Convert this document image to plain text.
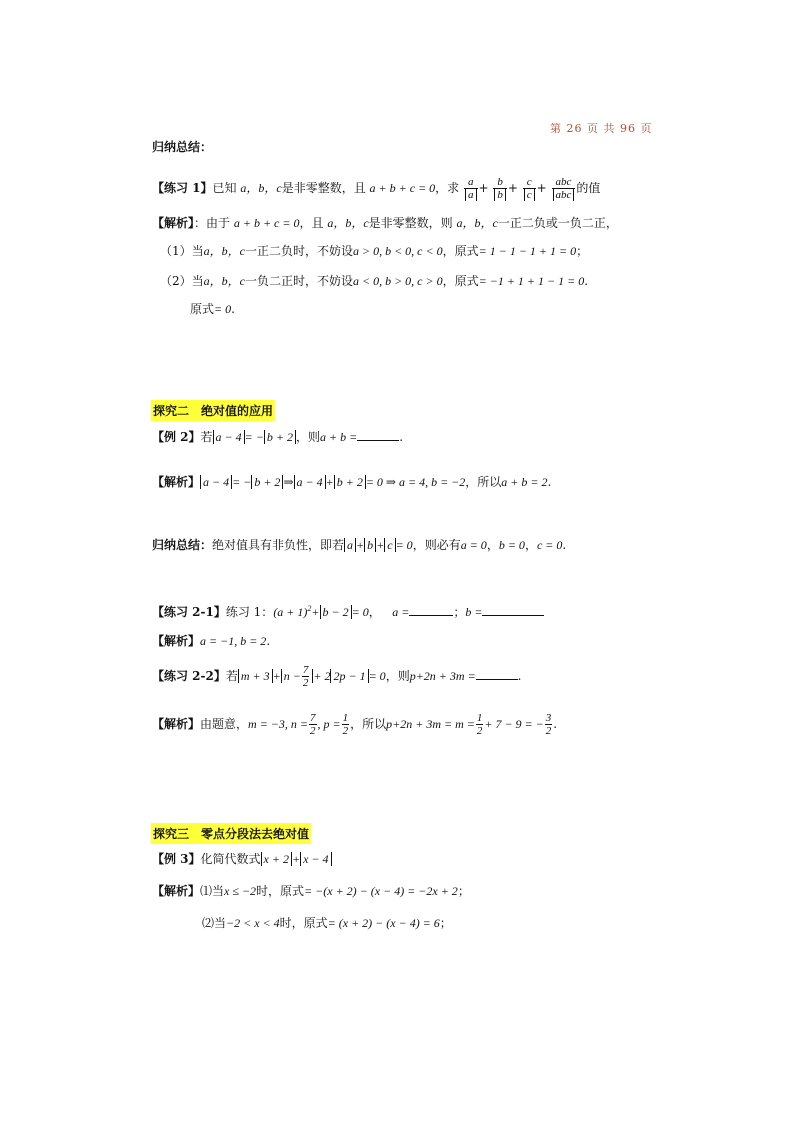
第 26 页 共 96 页
归纳总结：
【练习 1】已知 a，b，c是非零整数，且 a + b + c = 0，求 $\frac{a}{a} + \frac{b}{b} + \frac{c}{c} + \frac{\text{abc}}{\text{abc}}$ 的值
【解析】：由于 a + b + c = 0，且 a，b，c是非零整数，则 a，b，c一正二负或一负二正，
（1）当a，b，c一正二负时，不妨设a > 0, b < 0, c < 0，原式= 1 − 1 − 1 + 1 = 0；
（2）当a，b，c一负二正时，不妨设a < 0, b > 0, c > 0，原式= −1 + 1 + 1 − 1 = 0.
原式= 0.
探究二　绝对值的应用
【例 2】若 a − 4 = − b + 2 ，则a + b =	.
【解析】 a − 4 = − b + 2 ⇒ a − 4 + b + 2 = 0 ⇒ a = 4, b = −2，所以a + b = 2.
归纳总结：绝对值具有非负性，即若 a + b + c = 0，则必有a = 0，b = 0，c = 0.
【练习 2-1】练习 1：$(a + 1)^2+ b - 2 = 0$， a =	；b =
【解析】a = −1, b = 2.
【练习 2-2】若 $m + 3 + n - \frac{7}{2} + 2$ 2p − 1 = 0，则p+2n + 3m =	.
【解析】由题意，m = −3, $n = \frac{7}{2}$ , $p = \frac{1}{2}$ ，所以$p+2n + 3m = m = \frac{1}{2} + 7 - 9$ = − $\frac{3}{2}$ .
探究三　零点分段法去绝对值
【例 3】化简代数式 x + 2 + x − 4
【解析】⑴当x ≤ −2时，原式= −(x + 2) − (x − 4) = −2x + 2；
⑵当−2 < x < 4时，原式= (x + 2) − (x − 4) = 6；
